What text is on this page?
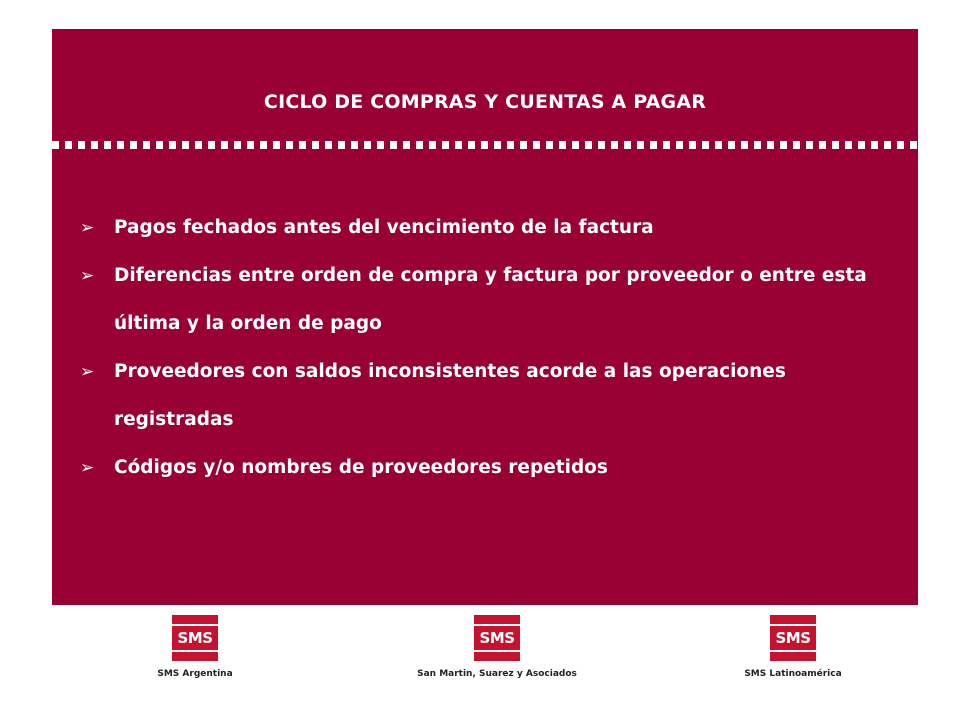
CICLO DE COMPRAS Y CUENTAS A PAGAR
➢ Pagos fechados antes del vencimiento de la factura
➢ Diferencias entre orden de compra y factura por proveedor o entre esta última y la orden de pago
➢ Proveedores con saldos inconsistentes acorde a las operaciones registradas
➢ Códigos y/o nombres de proveedores repetidos
SMS
SMS Argentina
SMS
San Martin, Suarez y Asociados
SMS
SMS Latinoamérica
